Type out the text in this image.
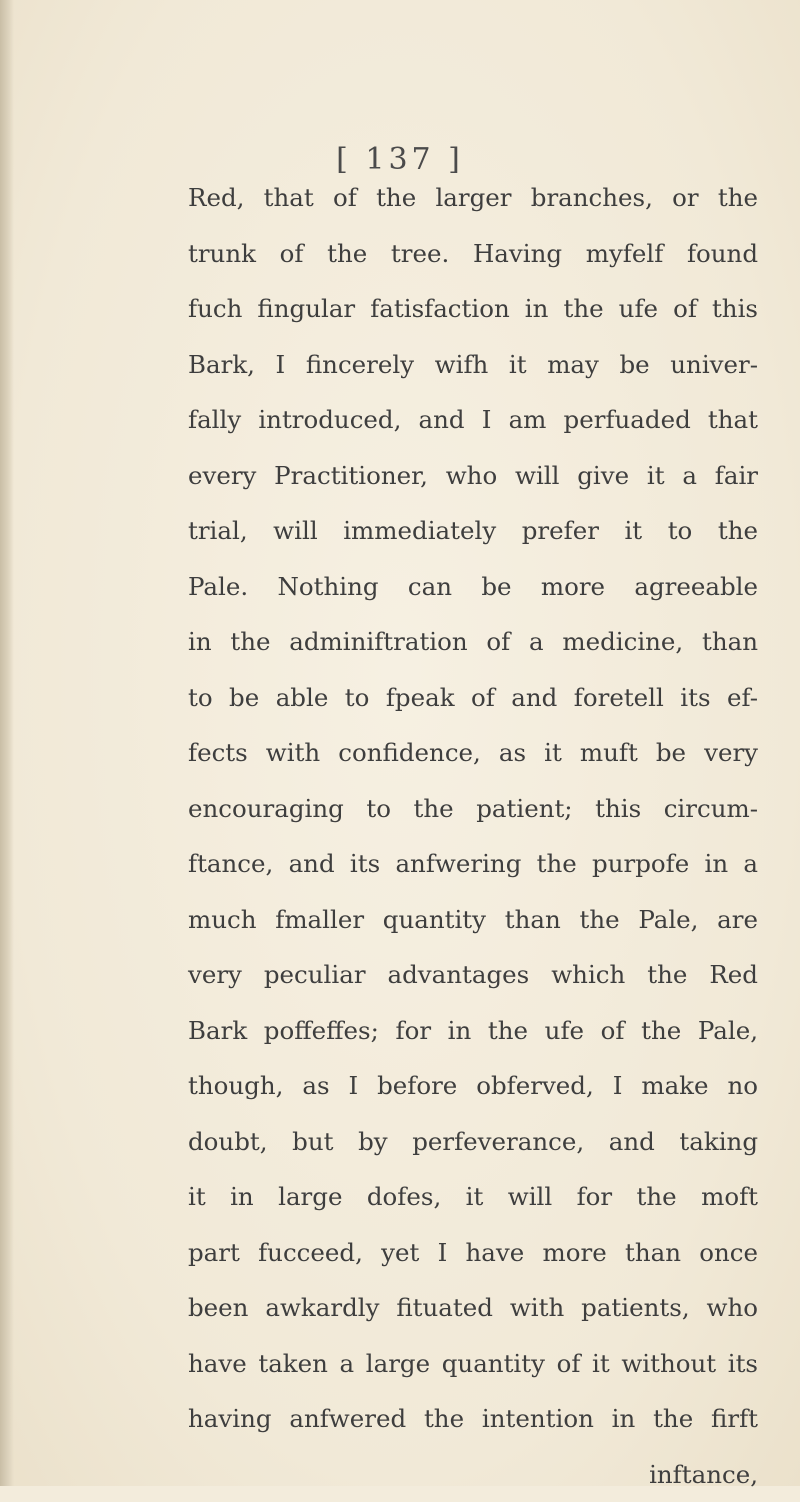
[ 137 ]
Red, that of the larger branches, or the
trunk of the tree. Having myfelf found
fuch fingular fatisfaction in the ufe of this
Bark, I fincerely wifh it may be univer-
fally introduced, and I am perfuaded that
every Practitioner, who will give it a fair
trial, will immediately prefer it to the
Pale. Nothing can be more agreeable
in the adminiftration of a medicine, than
to be able to fpeak of and foretell its ef-
fects with confidence, as it muft be very
encouraging to the patient; this circum-
ftance, and its anfwering the purpofe in a
much fmaller quantity than the Pale, are
very peculiar advantages which the Red
Bark poffeffes; for in the ufe of the Pale,
though, as I before obferved, I make no
doubt, but by perfeverance, and taking
it in large dofes, it will for the moft
part fucceed, yet I have more than once
been awkardly fituated with patients, who
have taken a large quantity of it without its
having anfwered the intention in the firft
inftance,
